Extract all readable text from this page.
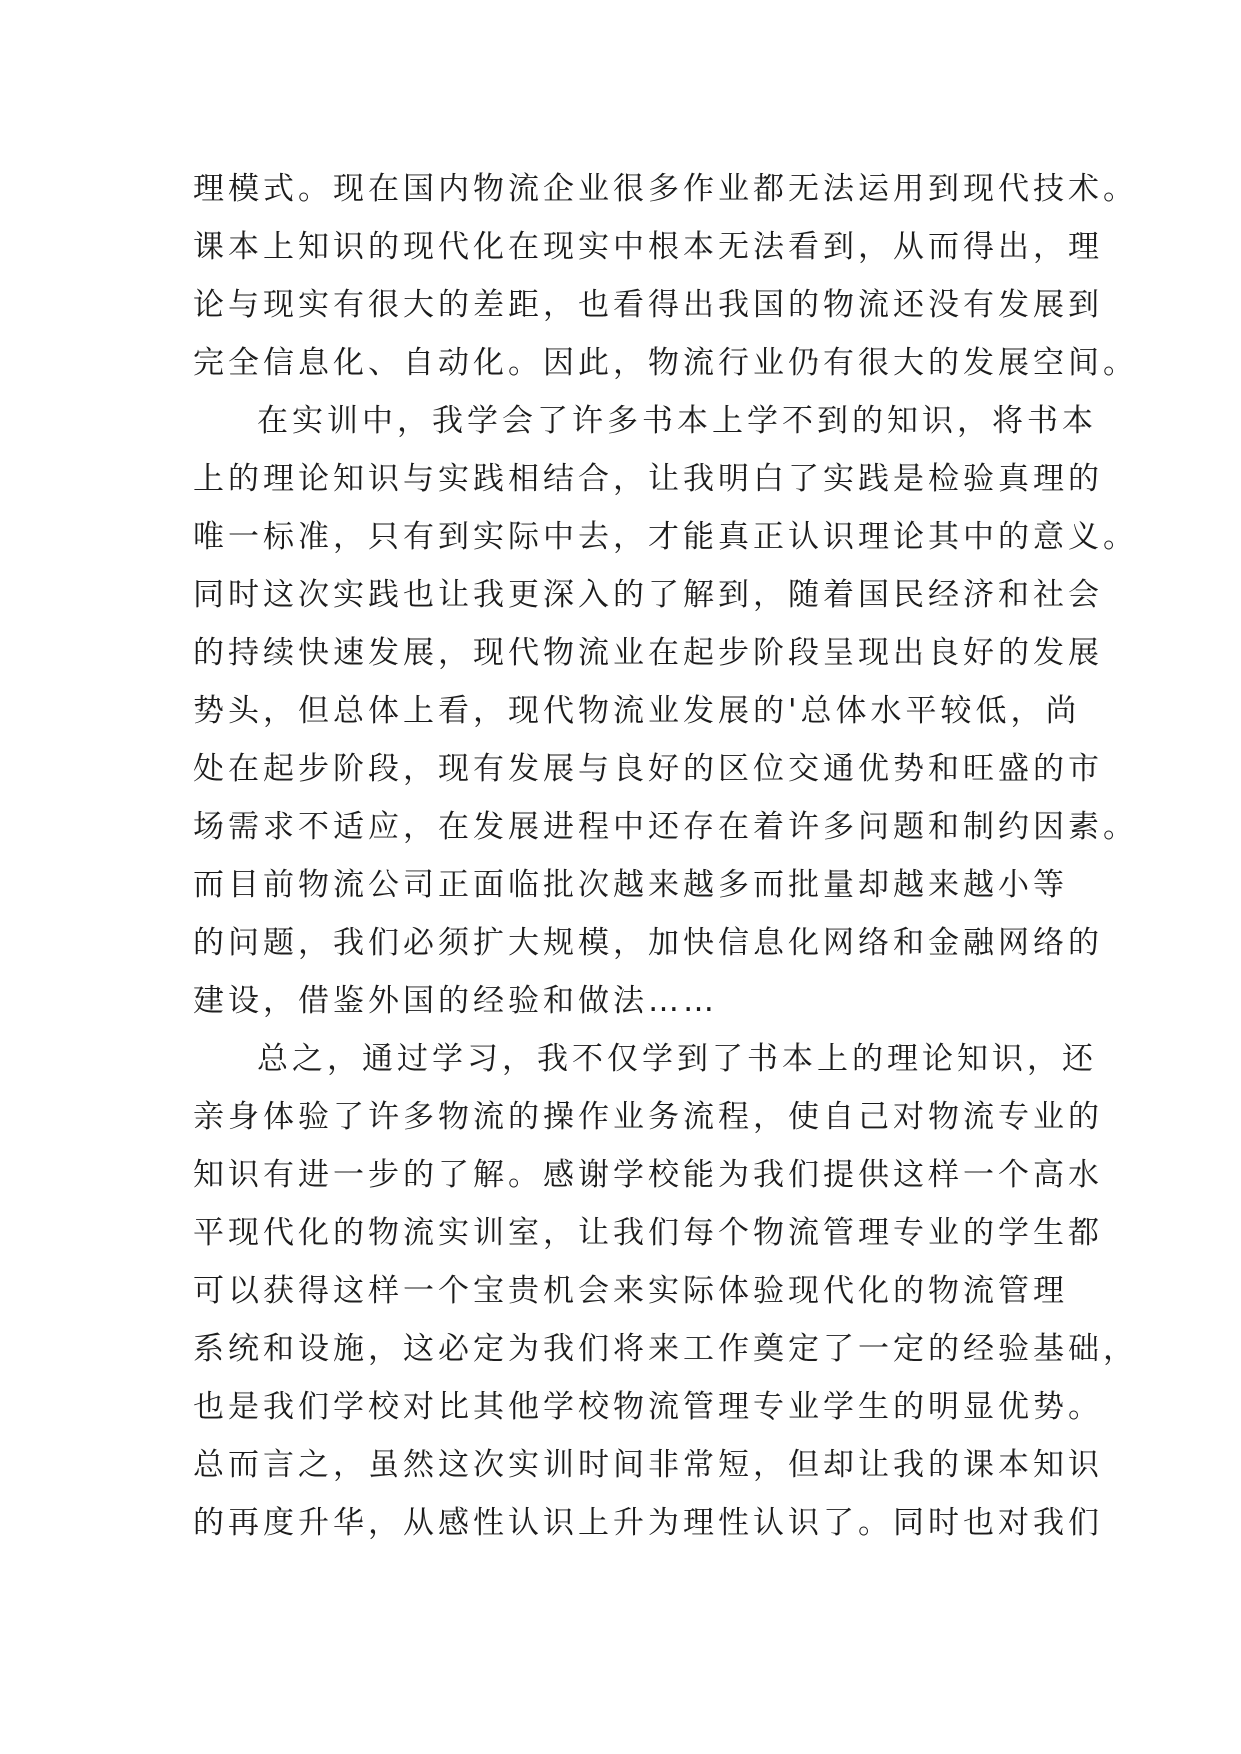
理模式。现在国内物流企业很多作业都无法运用到现代技术。
课本上知识的现代化在现实中根本无法看到，从而得出，理
论与现实有很大的差距，也看得出我国的物流还没有发展到
完全信息化、自动化。因此，物流行业仍有很大的发展空间。
在实训中，我学会了许多书本上学不到的知识，将书本
上的理论知识与实践相结合，让我明白了实践是检验真理的
唯一标准，只有到实际中去，才能真正认识理论其中的意义。
同时这次实践也让我更深入的了解到，随着国民经济和社会
的持续快速发展，现代物流业在起步阶段呈现出良好的发展
势头，但总体上看，现代物流业发展的'总体水平较低，尚
处在起步阶段，现有发展与良好的区位交通优势和旺盛的市
场需求不适应，在发展进程中还存在着许多问题和制约因素。
而目前物流公司正面临批次越来越多而批量却越来越小等
的问题，我们必须扩大规模，加快信息化网络和金融网络的
建设，借鉴外国的经验和做法……
总之，通过学习，我不仅学到了书本上的理论知识，还
亲身体验了许多物流的操作业务流程，使自己对物流专业的
知识有进一步的了解。感谢学校能为我们提供这样一个高水
平现代化的物流实训室，让我们每个物流管理专业的学生都
可以获得这样一个宝贵机会来实际体验现代化的物流管理
系统和设施，这必定为我们将来工作奠定了一定的经验基础，
也是我们学校对比其他学校物流管理专业学生的明显优势。
总而言之，虽然这次实训时间非常短，但却让我的课本知识
的再度升华，从感性认识上升为理性认识了。同时也对我们
